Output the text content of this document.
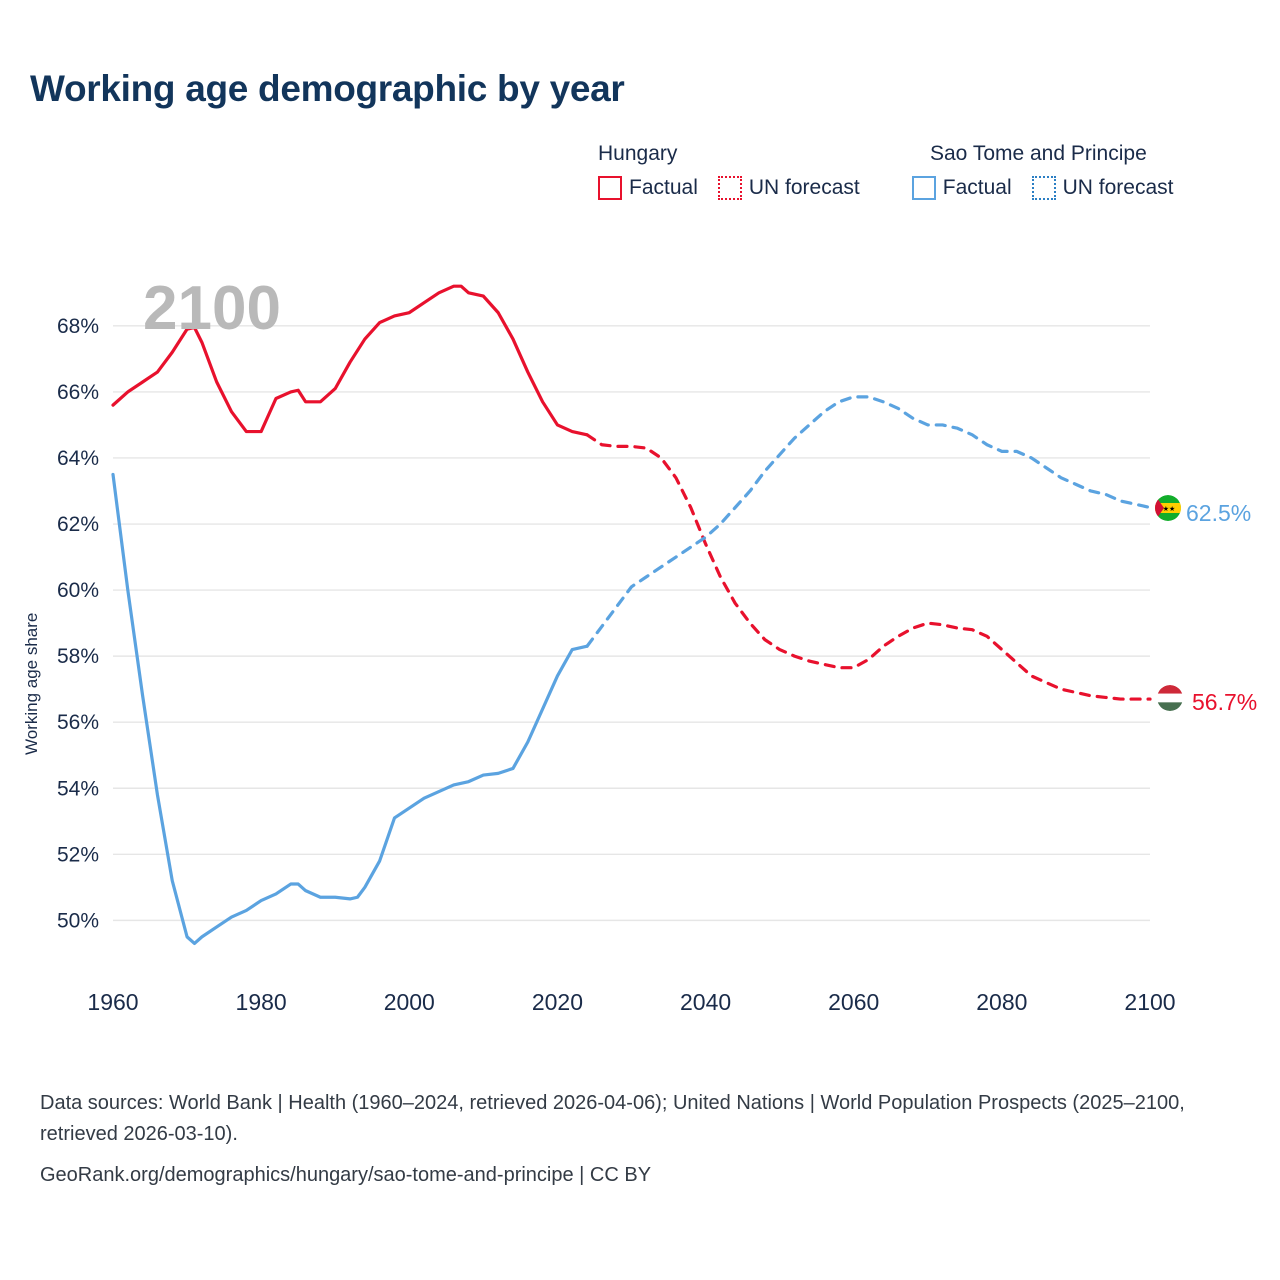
Working age demographic by year
Hungary	Sao Tome and Principe
Factual UN forecast	Factual UN forecast
Working age share
2100
50%
52%
54%
56%
58%
60%
62%
64%
66%
68%
1960	1980	2000	2020	2040	2060	2080	2100
★★ 62.5%
56.7%
Data sources: World Bank | Health (1960–2024, retrieved 2026-04-06); United Nations | World Population Prospects (2025–2100, retrieved 2026-03-10).
GeoRank.org/demographics/hungary/sao-tome-and-principe | CC BY
